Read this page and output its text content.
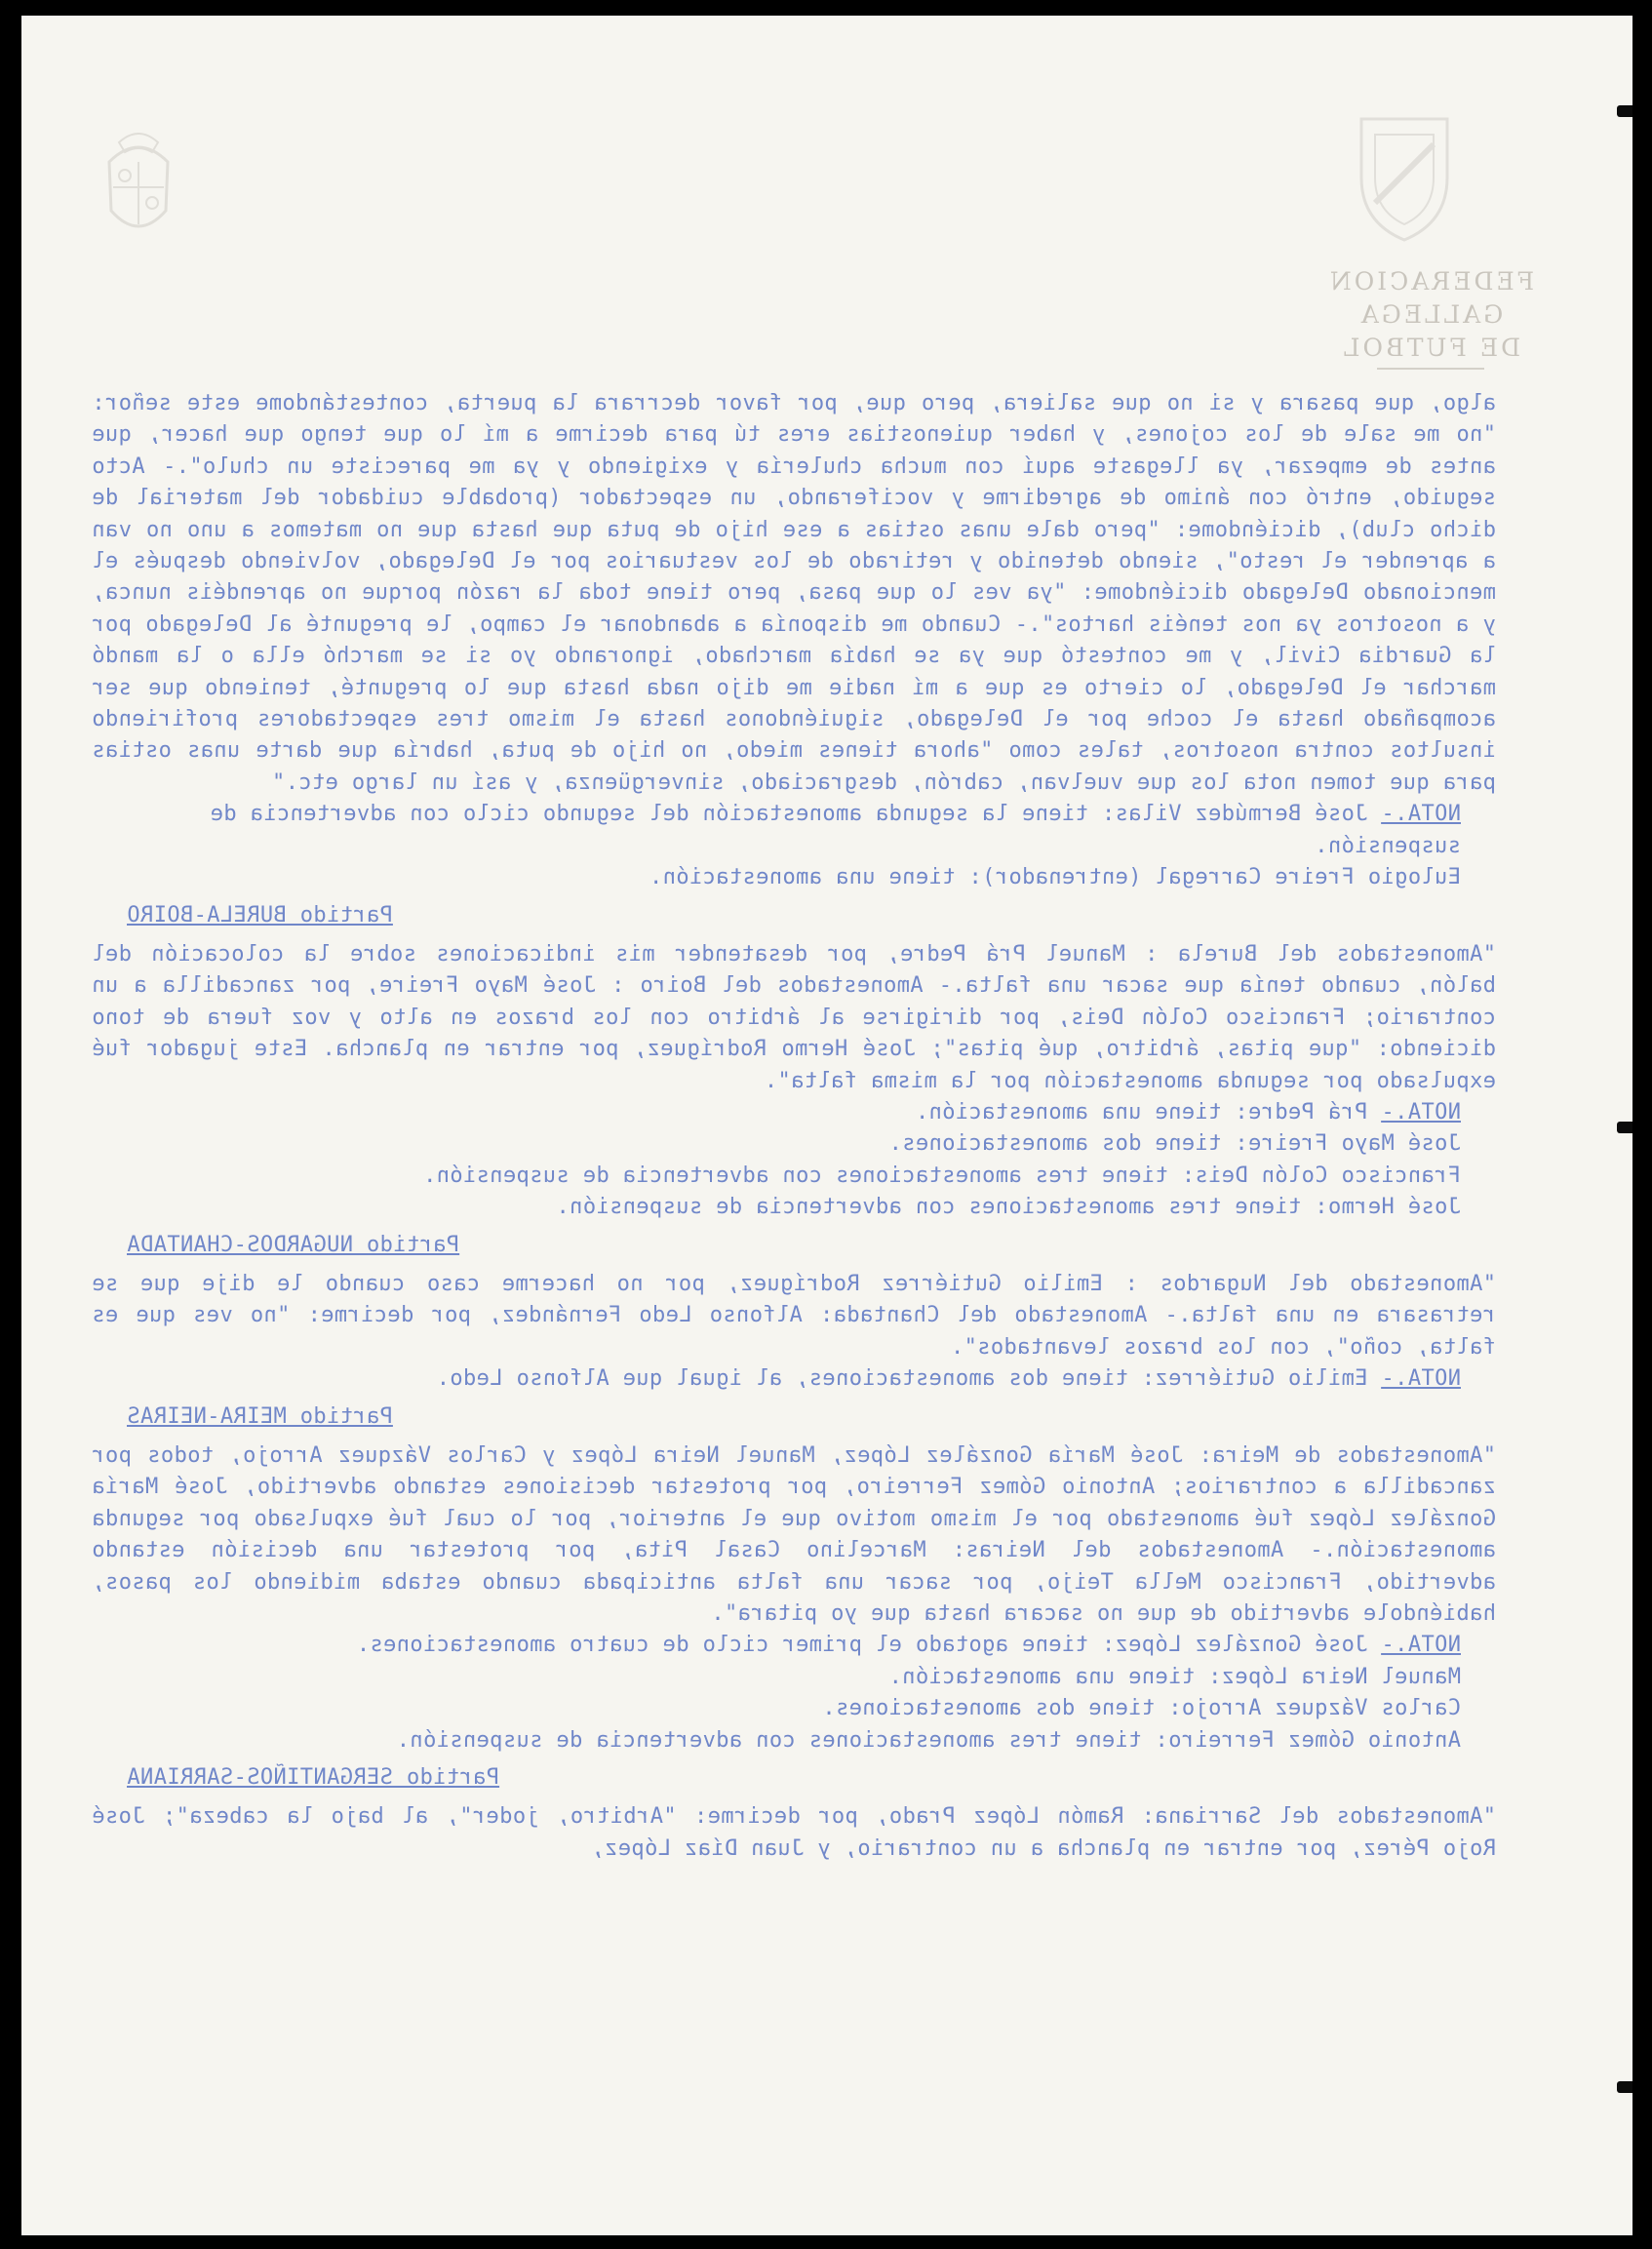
FEDERACION GALLEGA
DE FUTBOL

algo, que pasara y si no que saliera, pero que, por favor decrrara la puerta, contestándome este señor: "no me sale de los cojones, y haber quienostias eres tú para decirme a mí lo que tengo que hacer, que antes de empezar, ya llegaste aquí con mucha chulería y exigiendo y ya me pareciste un chulo".- Acto seguido, entró con ánimo de agredirme y vociferando, un espectador (probable cuidador del material de dicho club), diciéndome: "pero dale unas ostias a ese hijo de puta que hasta que no matemos a uno no van a aprender el resto", siendo detenido y retirado de los vestuarios por el Delegado, volviendo después el mencionado Delegado diciéndome: "ya ves lo que pasa, pero tiene toda la razón porque no aprendéis nunca, y a nosotros ya nos tenéis hartos".- Cuando me disponía a abandonar el campo, le pregunté al Delegado por la Guardia Civil, y me contestó que ya se había marchado, ignorando yo si se marchó ella o la mandó marchar el Delegado, lo cierto es que a mí nadie me dijo nada hasta que lo pregunté, teniendo que ser acompañado hasta el coche por el Delegado, siguiéndonos hasta el mismo tres espectadores profiriendo insultos contra nosotros, tales como "ahora tienes miedo, no hijo de puta, habría que darte unas ostias para que tomen nota los que vuelvan, cabrón, desgraciado, sinvergüenza, y así un largo etc."

NOTA.- José Bermúdez Vilas: tiene la segunda amonestación del segundo ciclo con advertencia de suspensión.

Eulogio Freire Carregal (entrenador): tiene una amonestación.

Partido BURELA-BOIRO

"Amonestados del Burela : Manuel Prá Pedre, por desatender mis indicaciones sobre la colocación del balón, cuando tenía que sacar una falta.- Amonestados del Boiro : José Mayo Freire, por zancadilla a un contrario; Francisco Colón Deis, por dirigirse al árbitro con los brazos en alto y voz fuera de tono diciendo: "que pitas, árbitro, qué pitas"; José Hermo Rodríguez, por entrar en plancha. Este jugador fué expulsado por segunda amonestación por la misma falta".

NOTA.- Prá Pedre: tiene una amonestación.

José Mayo Freire: tiene dos amonestaciones.

Francisco Colón Deis: tiene tres amonestaciones con advertencia de suspensión.

José Hermo: tiene tres amonestaciones con advertencia de suspensión.

Partido NUGARDOS-CHANTADA

"Amonestado del Nugardos : Emilio Gutiérrez Rodríguez, por no hacerme caso cuando le dije que se retrasara en una falta.- Amonestado del Chantada: Alfonso Ledo Fernández, por decirme: "no ves que es falta, coño", con los brazos levantados".

NOTA.- Emilio Gutiérrez: tiene dos amonestaciones, al igual que Alfonso Ledo.

Partido MEIRA-NEIRAS

"Amonestados de Meira: José María González López, Manuel Neira López y Carlos Vázquez Arrojo, todos por zancadilla a contrarios; Antonio Gómez Ferreiro, por protestar decisiones estando advertido, José María González López fué amonestado por el mismo motivo que el anterior, por lo cual fué expulsado por segunda amonestación.- Amonestados del Neiras: Marcelino Casal Pita, por protestar una decisión estando advertido, Francisco Mella Teijo, por sacar una falta anticipada cuando estaba midiendo los pasos, habiéndole advertido de que no sacara hasta que yo pitara".

NOTA.- José González López: tiene agotado el primer ciclo de cuatro amonestaciones.

Manuel Neira López: tiene una amonestación.

Carlos Vázquez Arrojo: tiene dos amonestaciones.

Antonio Gómez Ferreiro: tiene tres amonestaciones con advertencia de suspensión.

Partido SERGANTIÑOS-SARRIANA

"Amonestados del Sarriana: Ramón López Prado, por decirme: "Arbitro, joder", al bajo la cabeza"; José Rojo Pérez, por entrar en plancha a un contrario, y Juan Díaz López,
